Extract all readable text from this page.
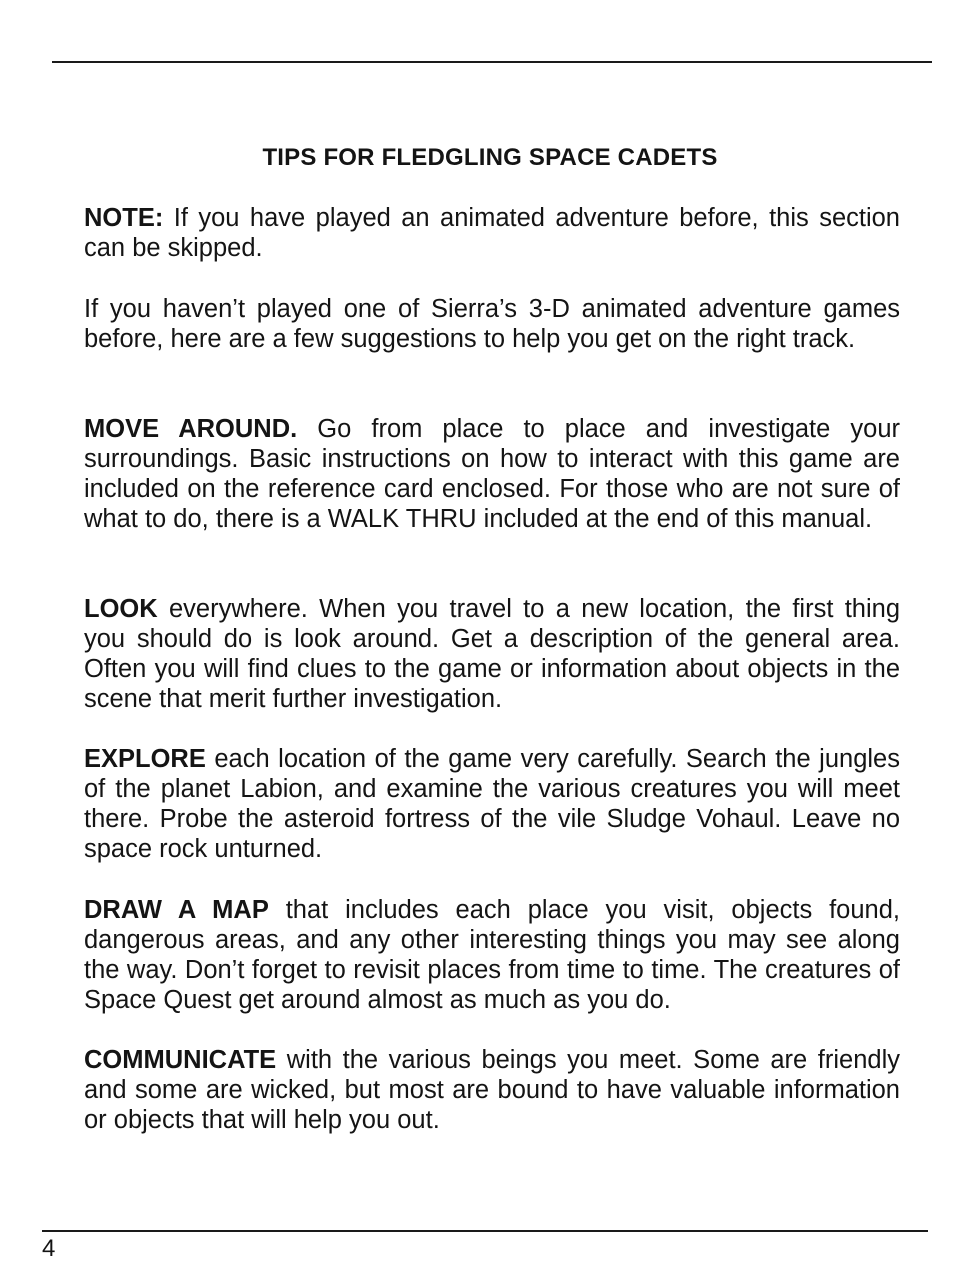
TIPS FOR FLEDGLING SPACE CADETS

NOTE: If you have played an animated adventure before, this section can be skipped.

If you haven’t played one of Sierra’s 3-D animated adventure games before, here are a few suggestions to help you get on the right track.

MOVE AROUND. Go from place to place and investigate your surroundings. Basic instructions on how to interact with this game are included on the reference card enclosed. For those who are not sure of what to do, there is a WALK THRU included at the end of this manual.

LOOK everywhere. When you travel to a new location, the first thing you should do is look around. Get a description of the general area. Often you will find clues to the game or information about objects in the scene that merit further investigation.

EXPLORE each location of the game very carefully. Search the jungles of the planet Labion, and examine the various creatures you will meet there. Probe the asteroid fortress of the vile Sludge Vohaul. Leave no space rock unturned.

DRAW A MAP that includes each place you visit, objects found, dangerous areas, and any other interesting things you may see along the way. Don’t forget to revisit places from time to time. The creatures of Space Quest get around almost as much as you do.

COMMUNICATE with the various beings you meet. Some are friendly and some are wicked, but most are bound to have valuable information or objects that will help you out.

4
